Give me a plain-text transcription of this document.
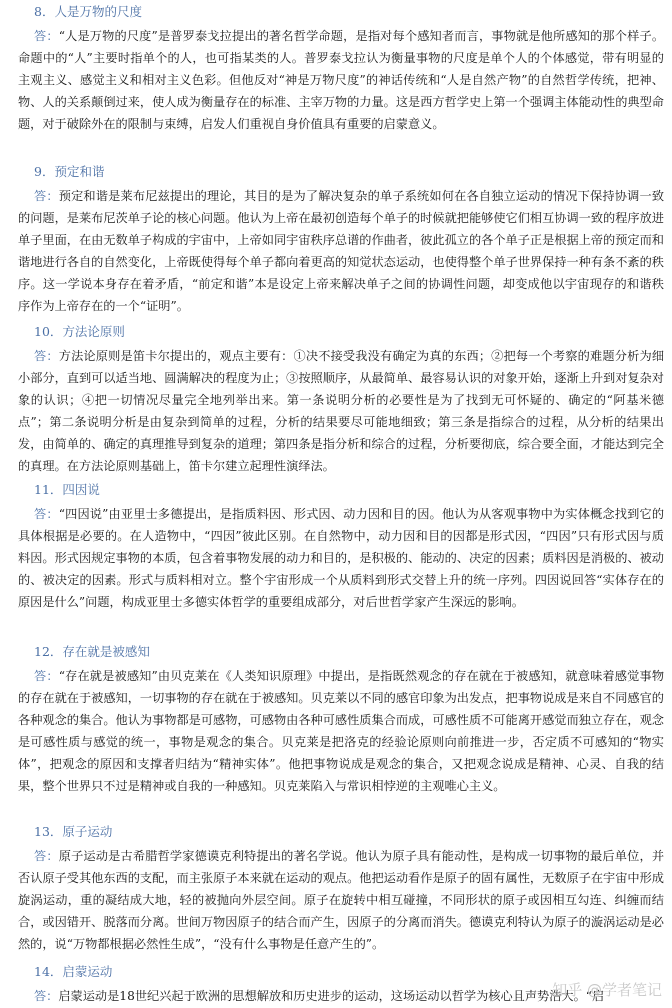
8．人是万物的尺度

答：“人是万物的尺度”是普罗泰戈拉提出的著名哲学命题，是指对每个感知者而言，事物就是他所感知的那个样子。命题中的“人”主要时指单个的人，也可指某类的人。普罗泰戈拉认为衡量事物的尺度是单个人的个体感觉，带有明显的主观主义、感觉主义和相对主义色彩。但他反对“神是万物尺度”的神话传统和“人是自然产物”的自然哲学传统，把神、物、人的关系颠倒过来，使人成为衡量存在的标准、主宰万物的力量。这是西方哲学史上第一个强调主体能动性的典型命题，对于破除外在的限制与束缚，启发人们重视自身价值具有重要的启蒙意义。

9．预定和谐

答：预定和谐是莱布尼兹提出的理论，其目的是为了解决复杂的单子系统如何在各自独立运动的情况下保持协调一致的问题，是莱布尼茨单子论的核心问题。他认为上帝在最初创造每个单子的时候就把能够使它们相互协调一致的程序放进单子里面，在由无数单子构成的宇宙中，上帝如同宇宙秩序总谱的作曲者，彼此孤立的各个单子正是根据上帝的预定而和谐地进行各自的自然变化，上帝既使得每个单子都向着更高的知觉状态运动，也使得整个单子世界保持一种有条不紊的秩序。这一学说本身存在着矛盾，“前定和谐”本是设定上帝来解决单子之间的协调性问题，却变成他以宇宙现存的和谐秩序作为上帝存在的一个“证明”。

10．方法论原则

答：方法论原则是笛卡尔提出的，观点主要有：①决不接受我没有确定为真的东西；②把每一个考察的难题分析为细小部分，直到可以适当地、圆满解决的程度为止；③按照顺序，从最简单、最容易认识的对象开始，逐渐上升到对复杂对象的认识；④把一切情况尽量完全地列举出来。第一条说明分析的必要性是为了找到无可怀疑的、确定的“阿基米德点”；第二条说明分析是由复杂到简单的过程，分析的结果要尽可能地细致；第三条是指综合的过程，从分析的结果出发，由简单的、确定的真理推导到复杂的道理；第四条是指分析和综合的过程，分析要彻底，综合要全面，才能达到完全的真理。在方法论原则基础上，笛卡尔建立起理性演绎法。

11．四因说

答：“四因说”由亚里士多德提出，是指质料因、形式因、动力因和目的因。他认为从客观事物中为实体概念找到它的具体根据是必要的。在人造物中，“四因”彼此区别。在自然物中，动力因和目的因都是形式因，“四因”只有形式因与质料因。形式因规定事物的本质，包含着事物发展的动力和目的，是积极的、能动的、决定的因素；质料因是消极的、被动的、被决定的因素。形式与质料相对立。整个宇宙形成一个从质料到形式交替上升的统一序列。四因说回答“实体存在的原因是什么”问题，构成亚里士多德实体哲学的重要组成部分，对后世哲学家产生深远的影响。

12．存在就是被感知

答：“存在就是被感知”由贝克莱在《人类知识原理》中提出，是指既然观念的存在就在于被感知，就意味着感觉事物的存在就在于被感知，一切事物的存在就在于被感知。贝克莱以不同的感官印象为出发点，把事物说成是来自不同感官的各种观念的集合。他认为事物都是可感物，可感物由各种可感性质集合而成，可感性质不可能离开感觉而独立存在，观念是可感性质与感觉的统一，事物是观念的集合。贝克莱是把洛克的经验论原则向前推进一步，否定质不可感知的“物实体”，把观念的原因和支撑者归结为“精神实体”。他把事物说成是观念的集合，又把观念说成是精神、心灵、自我的结果，整个世界只不过是精神或自我的一种感知。贝克莱陷入与常识相悖逆的主观唯心主义。

13．原子运动

答：原子运动是古希腊哲学家德谟克利特提出的著名学说。他认为原子具有能动性，是构成一切事物的最后单位，并否认原子受其他东西的支配，而主张原子本来就在运动的观点。他把运动看作是原子的固有属性，无数原子在宇宙中形成旋涡运动，重的凝结成大地，轻的被抛向外层空间。原子在旋转中相互碰撞，不同形状的原子或因相互勾连、纠缠而结合，或因错开、脱落而分离。世间万物因原子的结合而产生，因原子的分离而消失。德谟克利特认为原子的漩涡运动是必然的，说“万物都根据必然性生成”，“没有什么事物是任意产生的”。

14．启蒙运动

答：启蒙运动是18世纪兴起于欧洲的思想解放和历史进步的运动，这场运动以哲学为核心且声势浩大。“启

知乎 @学者笔记
